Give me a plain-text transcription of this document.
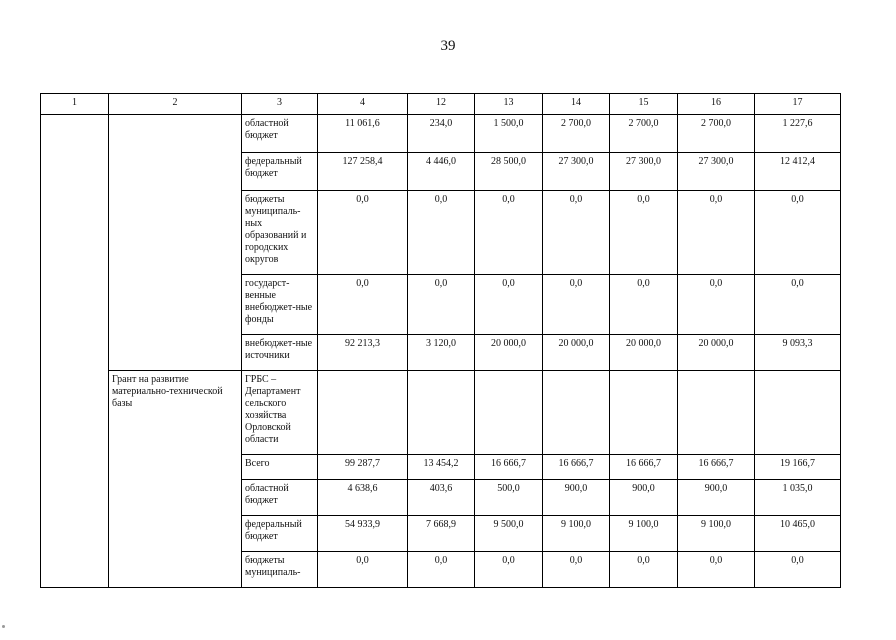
39
1	2	3	4	12	13	14	15	16	17
		областной бюджет	11 061,6	234,0	1 500,0	2 700,0	2 700,0	2 700,0	1 227,6
		федеральный бюджет	127 258,4	4 446,0	28 500,0	27 300,0	27 300,0	27 300,0	12 412,4
		бюджеты муниципаль-ных образований и городских округов	0,0	0,0	0,0	0,0	0,0	0,0	0,0
		государст-венные внебюджет-ные фонды	0,0	0,0	0,0	0,0	0,0	0,0	0,0
		внебюджет-ные источники	92 213,3	3 120,0	20 000,0	20 000,0	20 000,0	20 000,0	9 093,3
	Грант на развитие материально-технической базы	ГРБС – Департамент сельского хозяйства Орловской области							
		Всего	99 287,7	13 454,2	16 666,7	16 666,7	16 666,7	16 666,7	19 166,7
		областной бюджет	4 638,6	403,6	500,0	900,0	900,0	900,0	1 035,0
		федеральный бюджет	54 933,9	7 668,9	9 500,0	9 100,0	9 100,0	9 100,0	10 465,0
		бюджеты муниципаль-	0,0	0,0	0,0	0,0	0,0	0,0	0,0
